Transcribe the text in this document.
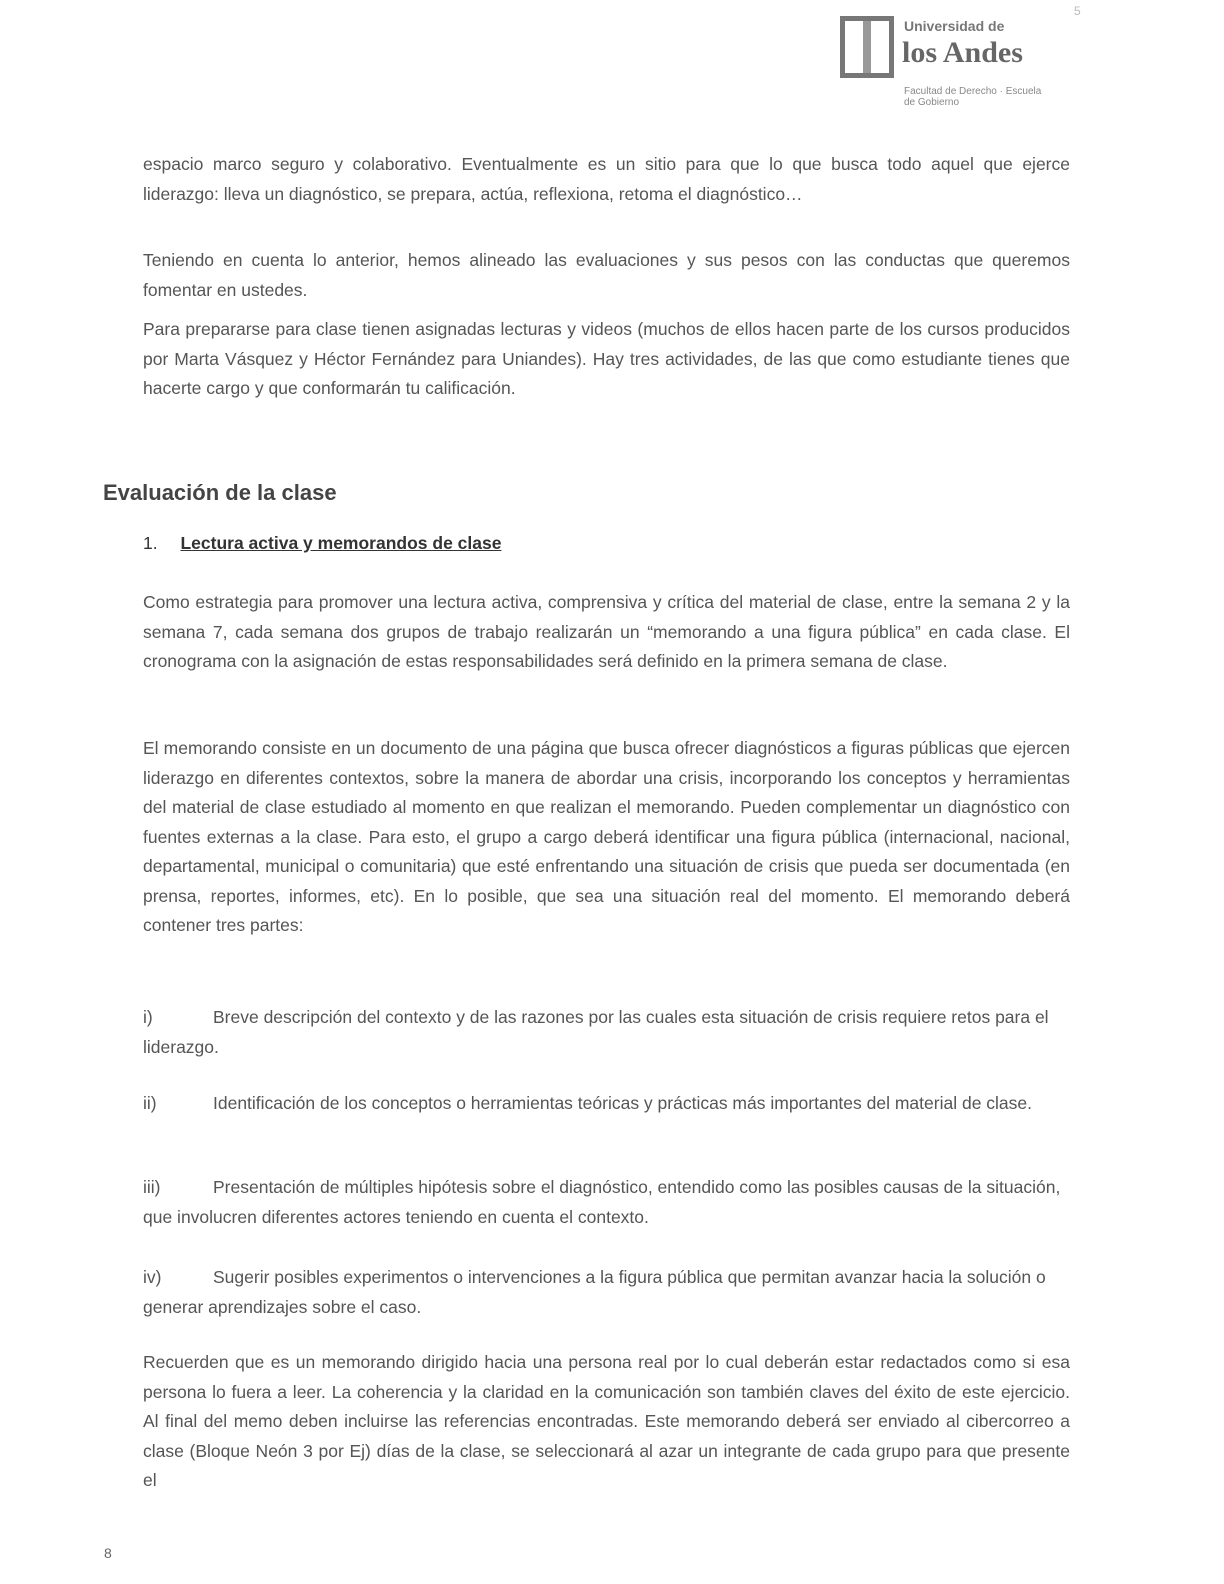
Universidad de
los Andes
Facultad de Derecho · Escuela de Gobierno
5

espacio marco seguro y colaborativo. Eventualmente es un sitio para que lo que busca todo aquel que ejerce liderazgo: lleva un diagnóstico, se prepara, actúa, reflexiona, retoma el diagnóstico…

Teniendo en cuenta lo anterior, hemos alineado las evaluaciones y sus pesos con las conductas que queremos fomentar en ustedes.

Para prepararse para clase tienen asignadas lecturas y videos (muchos de ellos hacen parte de los cursos producidos por Marta Vásquez y Héctor Fernández para Uniandes). Hay tres actividades, de las que como estudiante tienes que hacerte cargo y que conformarán tu calificación.

Evaluación de la clase
1. Lectura activa y memorandos de clase

Como estrategia para promover una lectura activa, comprensiva y crítica del material de clase, entre la semana 2 y la semana 7, cada semana dos grupos de trabajo realizarán un “memorando a una figura pública” en cada clase. El cronograma con la asignación de estas responsabilidades será definido en la primera semana de clase.

El memorando consiste en un documento de una página que busca ofrecer diagnósticos a figuras públicas que ejercen liderazgo en diferentes contextos, sobre la manera de abordar una crisis, incorporando los conceptos y herramientas del material de clase estudiado al momento en que realizan el memorando. Pueden complementar un diagnóstico con fuentes externas a la clase. Para esto, el grupo a cargo deberá identificar una figura pública (internacional, nacional, departamental, municipal o comunitaria) que esté enfrentando una situación de crisis que pueda ser documentada (en prensa, reportes, informes, etc). En lo posible, que sea una situación real del momento. El memorando deberá contener tres partes:

i)	Breve descripción del contexto y de las razones por las cuales esta situación de crisis requiere retos para el liderazgo.
ii)	Identificación de los conceptos o herramientas teóricas y prácticas más importantes del material de clase.
iii)	Presentación de múltiples hipótesis sobre el diagnóstico, entendido como las posibles causas de la situación, que involucren diferentes actores teniendo en cuenta el contexto.
iv)	Sugerir posibles experimentos o intervenciones a la figura pública que permitan avanzar hacia la solución o generar aprendizajes sobre el caso.

Recuerden que es un memorando dirigido hacia una persona real por lo cual deberán estar redactados como si esa persona lo fuera a leer. La coherencia y la claridad en la comunicación son también claves del éxito de este ejercicio. Al final del memo deben incluirse las referencias encontradas. Este memorando deberá ser enviado al cibercorreo a clase (Bloque Neón 3 por Ej) días de la clase, se seleccionará al azar un integrante de cada grupo para que presente el

8
